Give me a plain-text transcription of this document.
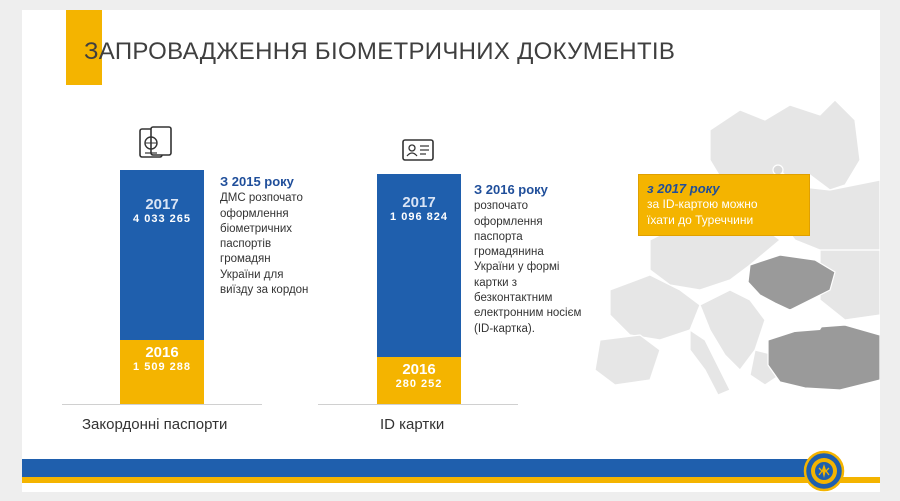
ЗАПРОВАДЖЕННЯ БІОМЕТРИЧНИХ ДОКУМЕНТІВ
2017
4 033 265
2016
1 509 288
Закордонні паспорти
З 2015 року
ДМС розпочато
оформлення
біометричних
паспортів
громадян
України для
виїзду за кордон
2017
1 096 824
2016
280 252
ID картки
З 2016 року
розпочато
оформлення
паспорта
громадянина
України у формі
картки з
безконтактним
електронним носієм
(ID-картка).
з 2017 року
за ID-картою можно
їхати до Туреччини
